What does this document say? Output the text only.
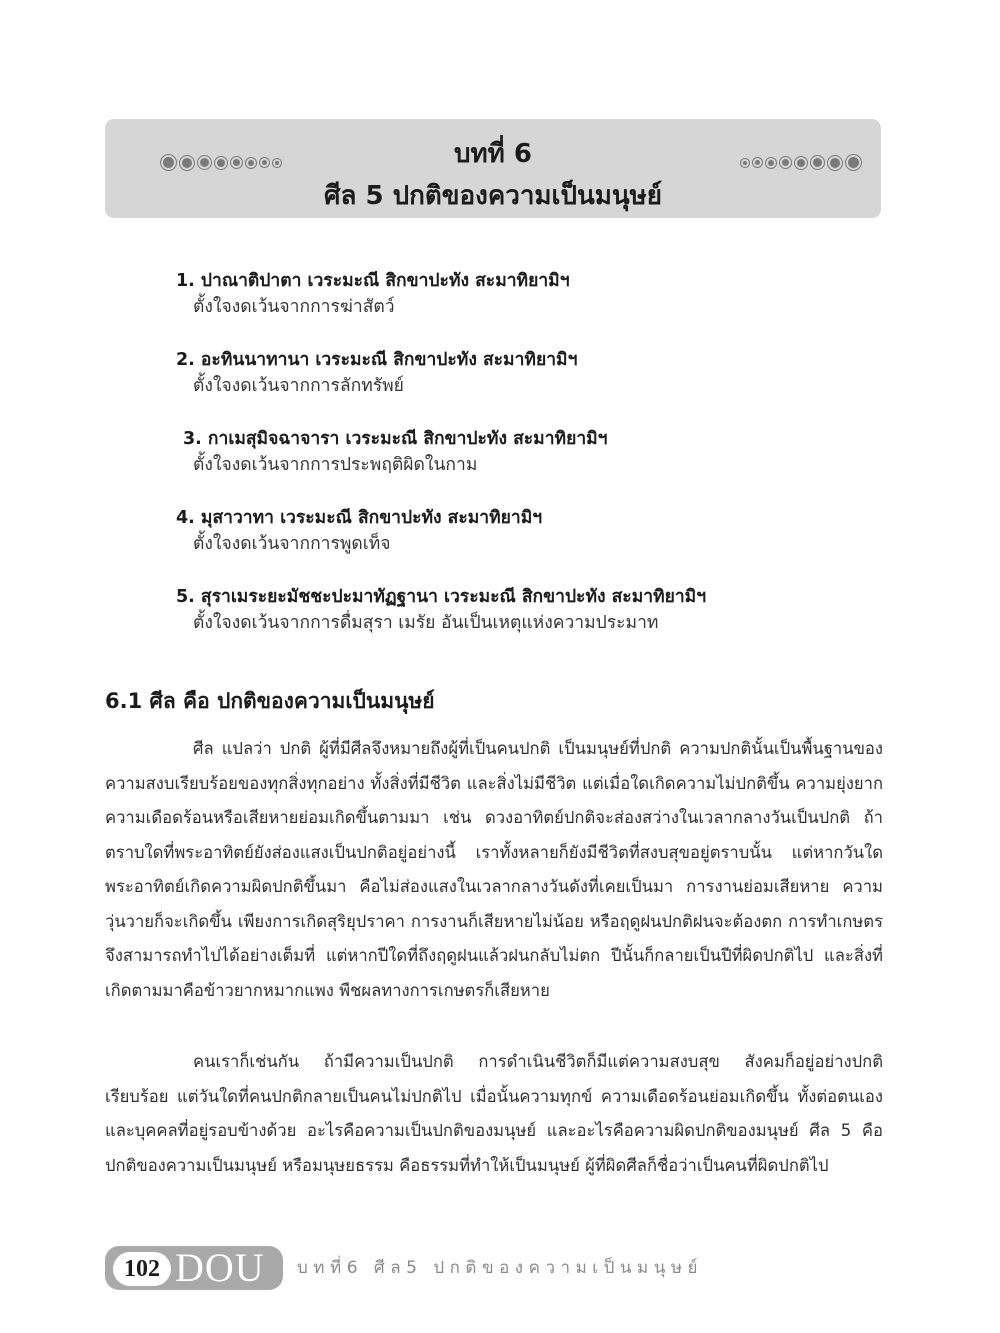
บทที่ 6
ศีล 5 ปกติของความเป็นมนุษย์
1. ปาณาติปาตา เวระมะณี สิกขาปะทัง สะมาทิยามิฯ
ตั้งใจงดเว้นจากการฆ่าสัตว์
2. อะทินนาทานา เวระมะณี สิกขาปะทัง สะมาทิยามิฯ
ตั้งใจงดเว้นจากการลักทรัพย์
3. กาเมสุมิจฉาจารา เวระมะณี สิกขาปะทัง สะมาทิยามิฯ
ตั้งใจงดเว้นจากการประพฤติผิดในกาม
4. มุสาวาทา เวระมะณี สิกขาปะทัง สะมาทิยามิฯ
ตั้งใจงดเว้นจากการพูดเท็จ
5. สุราเมระยะมัชชะปะมาทัฏฐานา เวระมะณี สิกขาปะทัง สะมาทิยามิฯ
ตั้งใจงดเว้นจากการดื่มสุรา เมรัย อันเป็นเหตุแห่งความประมาท
6.1 ศีล คือ ปกติของความเป็นมนุษย์

ศีล แปลว่า ปกติ ผู้ที่มีศีลจึงหมายถึงผู้ที่เป็นคนปกติ เป็นมนุษย์ที่ปกติ ความปกตินั้นเป็นพื้นฐานของความสงบเรียบร้อยของทุกสิ่งทุกอย่าง ทั้งสิ่งที่มีชีวิต และสิ่งไม่มีชีวิต แต่เมื่อใดเกิดความไม่ปกติขึ้น ความยุ่งยาก ความเดือดร้อนหรือเสียหายย่อมเกิดขึ้นตามมา เช่น ดวงอาทิตย์ปกติจะส่องสว่างในเวลากลางวันเป็นปกติ ถ้าตราบใดที่พระอาทิตย์ยังส่องแสงเป็นปกติอยู่อย่างนี้ เราทั้งหลายก็ยังมีชีวิตที่สงบสุขอยู่ตราบนั้น แต่หากวันใดพระอาทิตย์เกิดความผิดปกติขึ้นมา คือไม่ส่องแสงในเวลากลางวันดังที่เคยเป็นมา การงานย่อมเสียหาย ความวุ่นวายก็จะเกิดขึ้น เพียงการเกิดสุริยุปราคา การงานก็เสียหายไม่น้อย หรือฤดูฝนปกติฝนจะต้องตก การทำเกษตรจึงสามารถทำไปได้อย่างเต็มที่ แต่หากปีใดที่ถึงฤดูฝนแล้วฝนกลับไม่ตก ปีนั้นก็กลายเป็นปีที่ผิดปกติไป และสิ่งที่เกิดตามมาคือข้าวยากหมากแพง พืชผลทางการเกษตรก็เสียหาย

คนเราก็เช่นกัน ถ้ามีความเป็นปกติ การดำเนินชีวิตก็มีแต่ความสงบสุข สังคมก็อยู่อย่างปกติเรียบร้อย แต่วันใดที่คนปกติกลายเป็นคนไม่ปกติไป เมื่อนั้นความทุกข์ ความเดือดร้อนย่อมเกิดขึ้น ทั้งต่อตนเองและบุคคลที่อยู่รอบข้างด้วย อะไรคือความเป็นปกติของมนุษย์ และอะไรคือความผิดปกติของมนุษย์ ศีล 5 คือปกติของความเป็นมนุษย์ หรือมนุษยธรรม คือธรรมที่ทำให้เป็นมนุษย์ ผู้ที่ผิดศีลก็ชื่อว่าเป็นคนที่ผิดปกติไป

102 DOU บทที่6 ศีล5 ปกติของความเป็นมนุษย์
